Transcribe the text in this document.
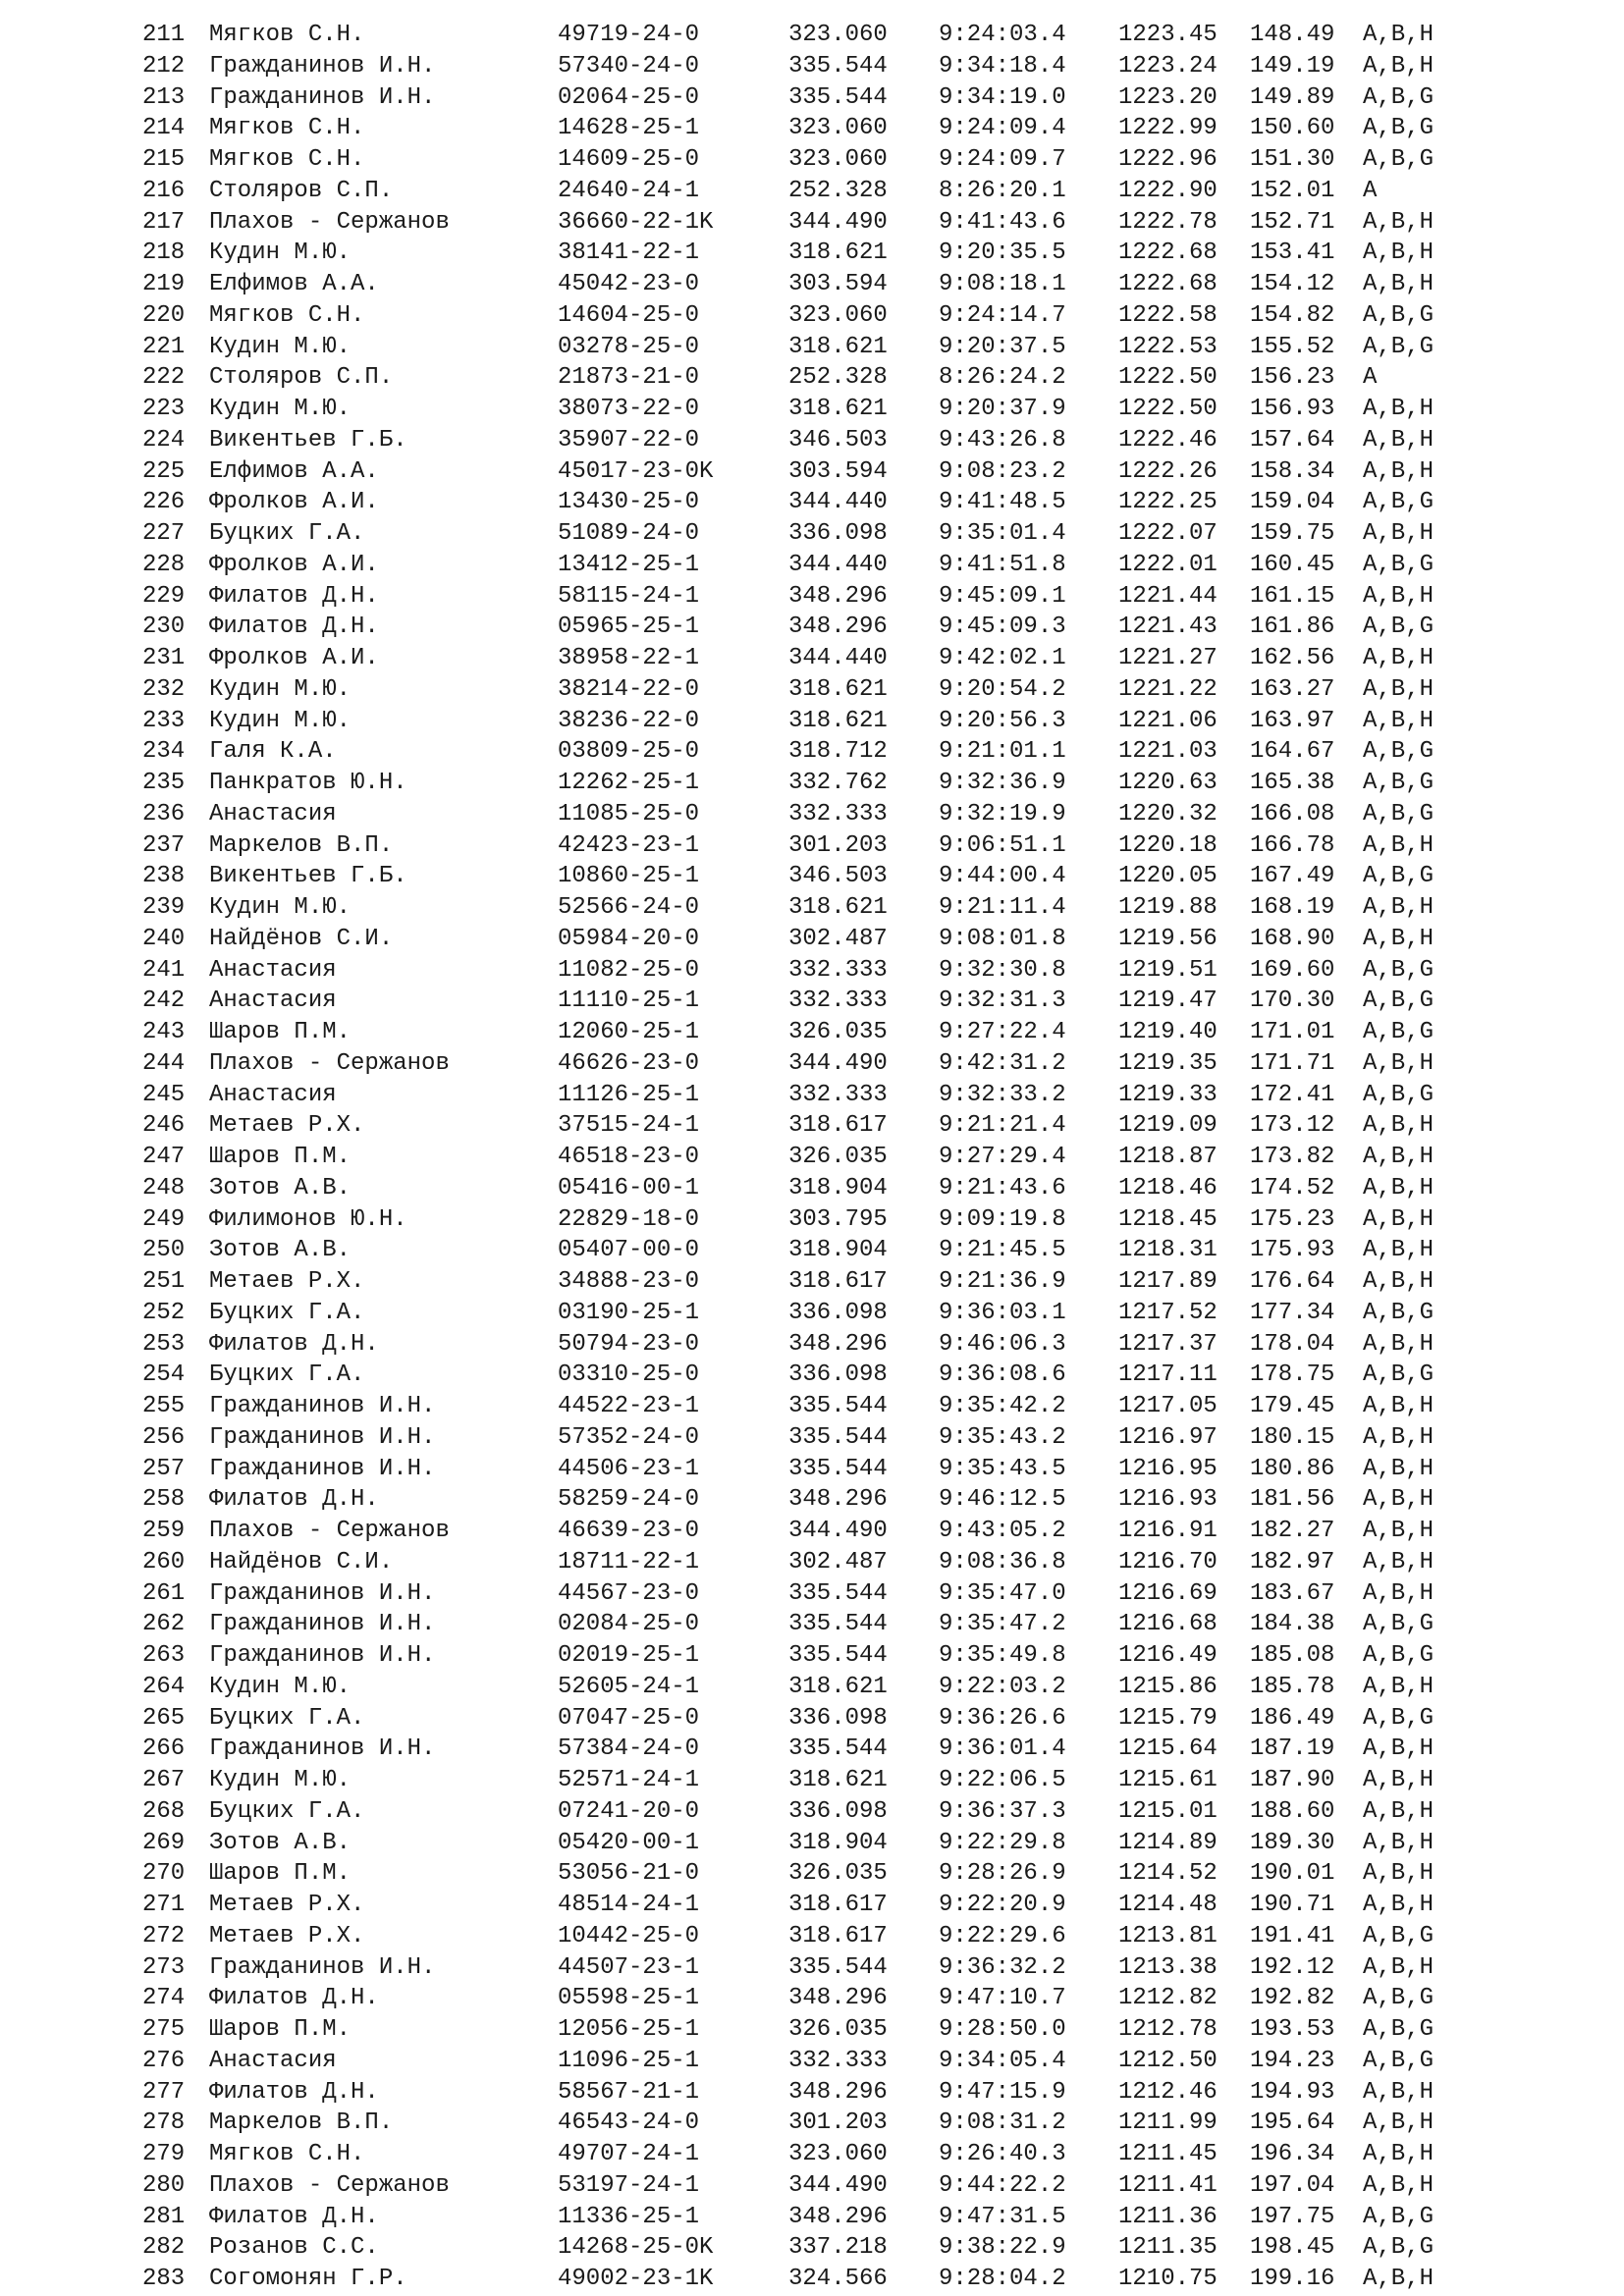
211 Мягков С.Н.	49719-24-0	323.060 9:24:03.4 1223.45 148.49 A,B,H
212 Гражданинов И.Н.	57340-24-0	335.544 9:34:18.4 1223.24 149.19 A,B,H
213 Гражданинов И.Н.	02064-25-0	335.544 9:34:19.0 1223.20 149.89 A,B,G
214 Мягков С.Н.	14628-25-1	323.060 9:24:09.4 1222.99 150.60 A,B,G
215 Мягков С.Н.	14609-25-0	323.060 9:24:09.7 1222.96 151.30 A,B,G
216 Столяров С.П.	24640-24-1	252.328 8:26:20.1 1222.90 152.01 A
217 Плахов - Сержанов	36660-22-1K	344.490 9:41:43.6 1222.78 152.71 A,B,H
218 Кудин М.Ю.	38141-22-1	318.621 9:20:35.5 1222.68 153.41 A,B,H
219 Елфимов А.А.	45042-23-0	303.594 9:08:18.1 1222.68 154.12 A,B,H
220 Мягков С.Н.	14604-25-0	323.060 9:24:14.7 1222.58 154.82 A,B,G
221 Кудин М.Ю.	03278-25-0	318.621 9:20:37.5 1222.53 155.52 A,B,G
222 Столяров С.П.	21873-21-0	252.328 8:26:24.2 1222.50 156.23 A
223 Кудин М.Ю.	38073-22-0	318.621 9:20:37.9 1222.50 156.93 A,B,H
224 Викентьев Г.Б.	35907-22-0	346.503 9:43:26.8 1222.46 157.64 A,B,H
225 Елфимов А.А.	45017-23-0K	303.594 9:08:23.2 1222.26 158.34 A,B,H
226 Фролков А.И.	13430-25-0	344.440 9:41:48.5 1222.25 159.04 A,B,G
227 Буцких Г.А.	51089-24-0	336.098 9:35:01.4 1222.07 159.75 A,B,H
228 Фролков А.И.	13412-25-1	344.440 9:41:51.8 1222.01 160.45 A,B,G
229 Филатов Д.Н.	58115-24-1	348.296 9:45:09.1 1221.44 161.15 A,B,H
230 Филатов Д.Н.	05965-25-1	348.296 9:45:09.3 1221.43 161.86 A,B,G
231 Фролков А.И.	38958-22-1	344.440 9:42:02.1 1221.27 162.56 A,B,H
232 Кудин М.Ю.	38214-22-0	318.621 9:20:54.2 1221.22 163.27 A,B,H
233 Кудин М.Ю.	38236-22-0	318.621 9:20:56.3 1221.06 163.97 A,B,H
234 Галя К.А.	03809-25-0	318.712 9:21:01.1 1221.03 164.67 A,B,G
235 Панкратов Ю.Н.	12262-25-1	332.762 9:32:36.9 1220.63 165.38 A,B,G
236 Анастасия	11085-25-0	332.333 9:32:19.9 1220.32 166.08 A,B,G
237 Маркелов В.П.	42423-23-1	301.203 9:06:51.1 1220.18 166.78 A,B,H
238 Викентьев Г.Б.	10860-25-1	346.503 9:44:00.4 1220.05 167.49 A,B,G
239 Кудин М.Ю.	52566-24-0	318.621 9:21:11.4 1219.88 168.19 A,B,H
240 Найдёнов С.И.	05984-20-0	302.487 9:08:01.8 1219.56 168.90 A,B,H
241 Анастасия	11082-25-0	332.333 9:32:30.8 1219.51 169.60 A,B,G
242 Анастасия	11110-25-1	332.333 9:32:31.3 1219.47 170.30 A,B,G
243 Шаров П.М.	12060-25-1	326.035 9:27:22.4 1219.40 171.01 A,B,G
244 Плахов - Сержанов	46626-23-0	344.490 9:42:31.2 1219.35 171.71 A,B,H
245 Анастасия	11126-25-1	332.333 9:32:33.2 1219.33 172.41 A,B,G
246 Метаев Р.Х.	37515-24-1	318.617 9:21:21.4 1219.09 173.12 A,B,H
247 Шаров П.М.	46518-23-0	326.035 9:27:29.4 1218.87 173.82 A,B,H
248 Зотов А.В.	05416-00-1	318.904 9:21:43.6 1218.46 174.52 A,B,H
249 Филимонов Ю.Н.	22829-18-0	303.795 9:09:19.8 1218.45 175.23 A,B,H
250 Зотов А.В.	05407-00-0	318.904 9:21:45.5 1218.31 175.93 A,B,H
251 Метаев Р.Х.	34888-23-0	318.617 9:21:36.9 1217.89 176.64 A,B,H
252 Буцких Г.А.	03190-25-1	336.098 9:36:03.1 1217.52 177.34 A,B,G
253 Филатов Д.Н.	50794-23-0	348.296 9:46:06.3 1217.37 178.04 A,B,H
254 Буцких Г.А.	03310-25-0	336.098 9:36:08.6 1217.11 178.75 A,B,G
255 Гражданинов И.Н.	44522-23-1	335.544 9:35:42.2 1217.05 179.45 A,B,H
256 Гражданинов И.Н.	57352-24-0	335.544 9:35:43.2 1216.97 180.15 A,B,H
257 Гражданинов И.Н.	44506-23-1	335.544 9:35:43.5 1216.95 180.86 A,B,H
258 Филатов Д.Н.	58259-24-0	348.296 9:46:12.5 1216.93 181.56 A,B,H
259 Плахов - Сержанов	46639-23-0	344.490 9:43:05.2 1216.91 182.27 A,B,H
260 Найдёнов С.И.	18711-22-1	302.487 9:08:36.8 1216.70 182.97 A,B,H
261 Гражданинов И.Н.	44567-23-0	335.544 9:35:47.0 1216.69 183.67 A,B,H
262 Гражданинов И.Н.	02084-25-0	335.544 9:35:47.2 1216.68 184.38 A,B,G
263 Гражданинов И.Н.	02019-25-1	335.544 9:35:49.8 1216.49 185.08 A,B,G
264 Кудин М.Ю.	52605-24-1	318.621 9:22:03.2 1215.86 185.78 A,B,H
265 Буцких Г.А.	07047-25-0	336.098 9:36:26.6 1215.79 186.49 A,B,G
266 Гражданинов И.Н.	57384-24-0	335.544 9:36:01.4 1215.64 187.19 A,B,H
267 Кудин М.Ю.	52571-24-1	318.621 9:22:06.5 1215.61 187.90 A,B,H
268 Буцких Г.А.	07241-20-0	336.098 9:36:37.3 1215.01 188.60 A,B,H
269 Зотов А.В.	05420-00-1	318.904 9:22:29.8 1214.89 189.30 A,B,H
270 Шаров П.М.	53056-21-0	326.035 9:28:26.9 1214.52 190.01 A,B,H
271 Метаев Р.Х.	48514-24-1	318.617 9:22:20.9 1214.48 190.71 A,B,H
272 Метаев Р.Х.	10442-25-0	318.617 9:22:29.6 1213.81 191.41 A,B,G
273 Гражданинов И.Н.	44507-23-1	335.544 9:36:32.2 1213.38 192.12 A,B,H
274 Филатов Д.Н.	05598-25-1	348.296 9:47:10.7 1212.82 192.82 A,B,G
275 Шаров П.М.	12056-25-1	326.035 9:28:50.0 1212.78 193.53 A,B,G
276 Анастасия	11096-25-1	332.333 9:34:05.4 1212.50 194.23 A,B,G
277 Филатов Д.Н.	58567-21-1	348.296 9:47:15.9 1212.46 194.93 A,B,H
278 Маркелов В.П.	46543-24-0	301.203 9:08:31.2 1211.99 195.64 A,B,H
279 Мягков С.Н.	49707-24-1	323.060 9:26:40.3 1211.45 196.34 A,B,H
280 Плахов - Сержанов	53197-24-1	344.490 9:44:22.2 1211.41 197.04 A,B,H
281 Филатов Д.Н.	11336-25-1	348.296 9:47:31.5 1211.36 197.75 A,B,G
282 Розанов С.С.	14268-25-0K	337.218 9:38:22.9 1211.35 198.45 A,B,G
283 Согомонян Г.Р.	49002-23-1K	324.566 9:28:04.2 1210.75 199.16 A,B,H
